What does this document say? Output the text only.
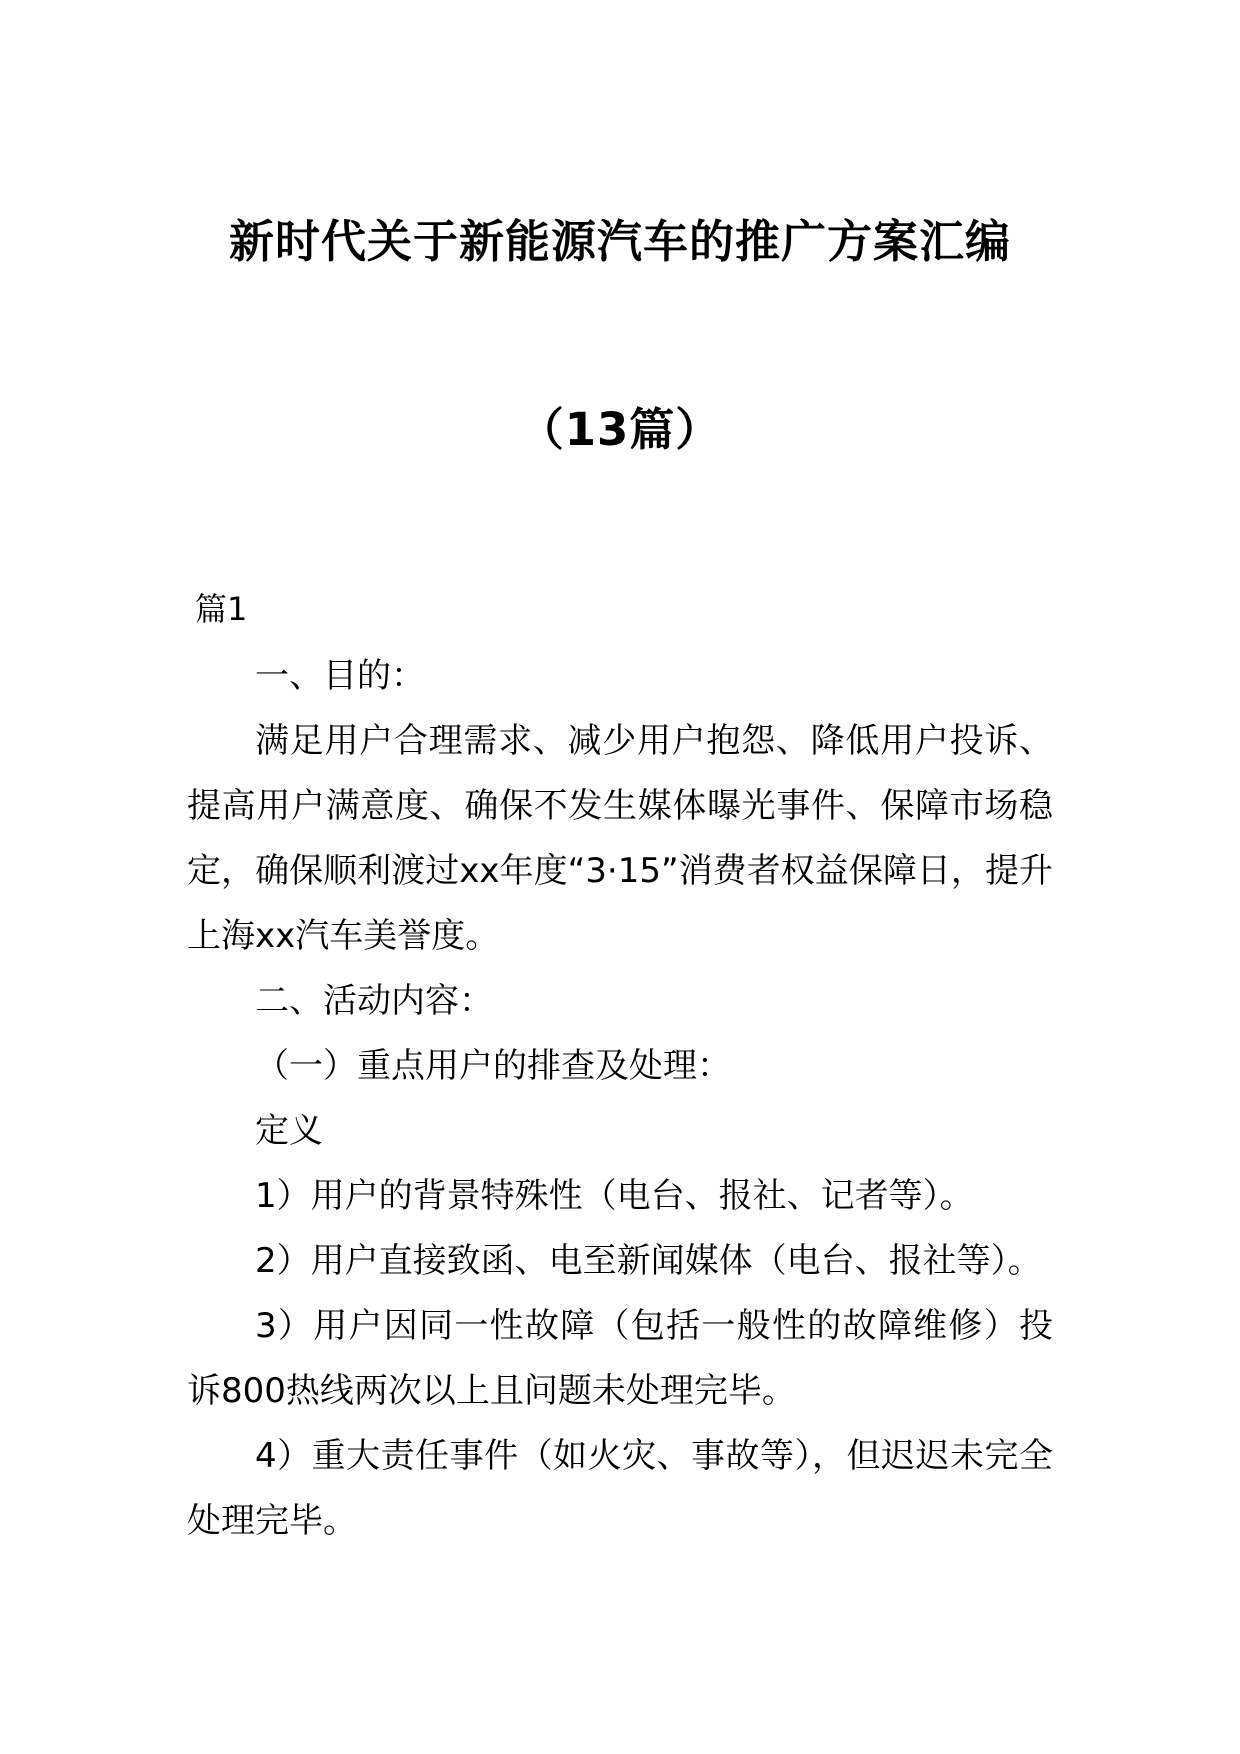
新时代关于新能源汽车的推广方案汇编
（13篇）
篇1

一、目的：

满足用户合理需求、减少用户抱怨、降低用户投诉、提高用户满意度、确保不发生媒体曝光事件、保障市场稳定，确保顺利渡过xx年度“3·15”消费者权益保障日，提升上海xx汽车美誉度。

二、活动内容：

（一）重点用户的排查及处理：

定义

1）用户的背景特殊性（电台、报社、记者等）。

2）用户直接致函、电至新闻媒体（电台、报社等）。

3）用户因同一性故障（包括一般性的故障维修）投诉800热线两次以上且问题未处理完毕。

4）重大责任事件（如火灾、事故等），但迟迟未完全处理完毕。
